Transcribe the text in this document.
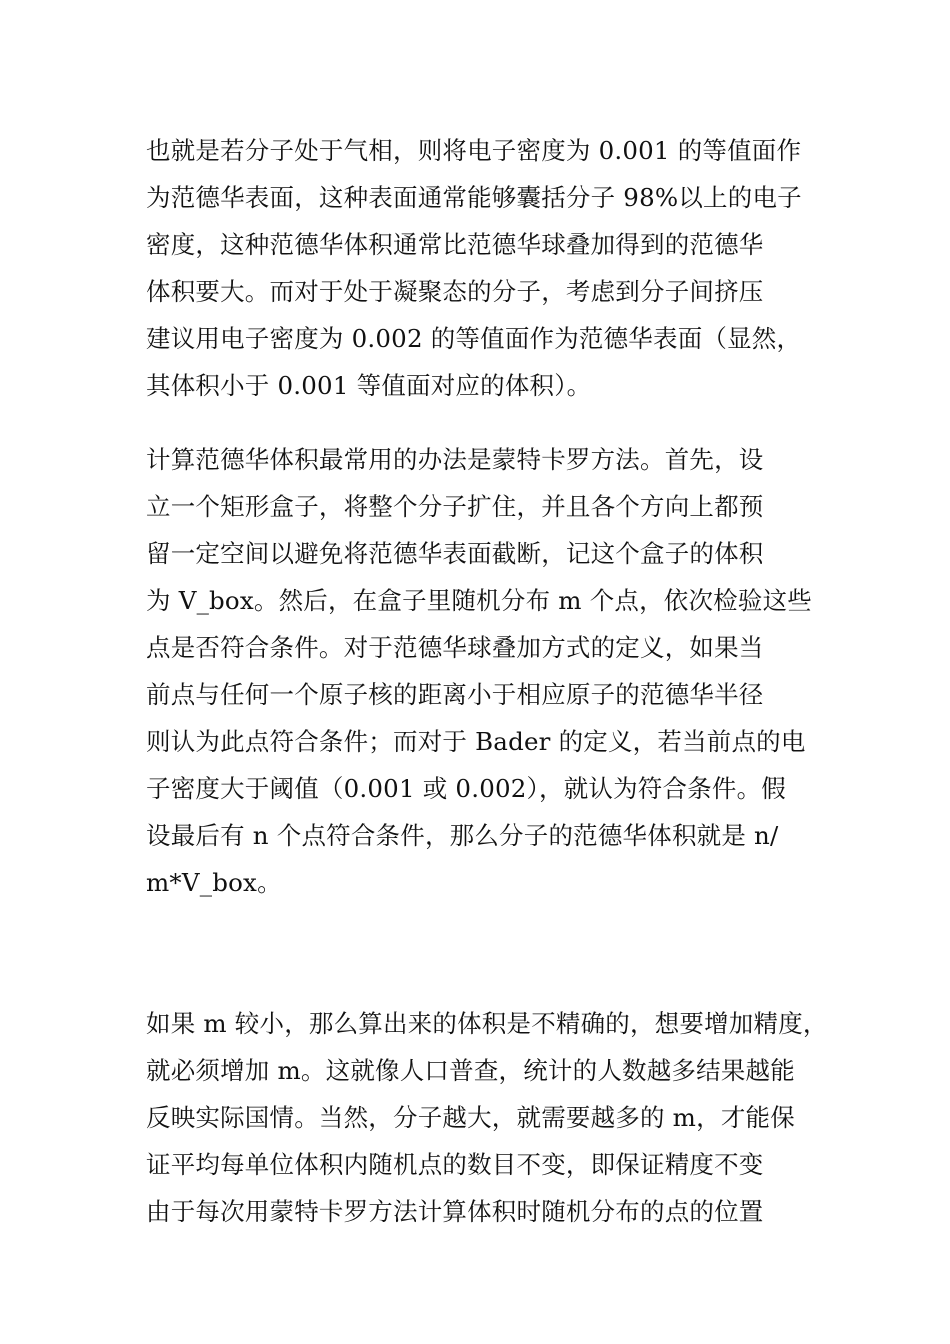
也就是若分子处于气相，则将电子密度为 0.001 的等值面作
为范德华表面，这种表面通常能够囊括分子 98%以上的电子
密度，这种范德华体积通常比范德华球叠加得到的范德华
体积要大。而对于处于凝聚态的分子，考虑到分子间挤压
建议用电子密度为 0.002 的等值面作为范德华表面（显然，
其体积小于 0.001 等值面对应的体积）。
计算范德华体积最常用的办法是蒙特卡罗方法。首先，设
立一个矩形盒子，将整个分子扩住，并且各个方向上都预
留一定空间以避免将范德华表面截断，记这个盒子的体积
为 V_box。然后，在盒子里随机分布 m 个点，依次检验这些
点是否符合条件。对于范德华球叠加方式的定义，如果当
前点与任何一个原子核的距离小于相应原子的范德华半径
则认为此点符合条件；而对于 Bader 的定义，若当前点的电
子密度大于阈值（0.001 或 0.002），就认为符合条件。假
设最后有 n 个点符合条件，那么分子的范德华体积就是 n/
m*V_box。
如果 m 较小，那么算出来的体积是不精确的，想要增加精度，
就必须增加 m。这就像人口普查，统计的人数越多结果越能
反映实际国情。当然，分子越大，就需要越多的 m，才能保
证平均每单位体积内随机点的数目不变，即保证精度不变
由于每次用蒙特卡罗方法计算体积时随机分布的点的位置
